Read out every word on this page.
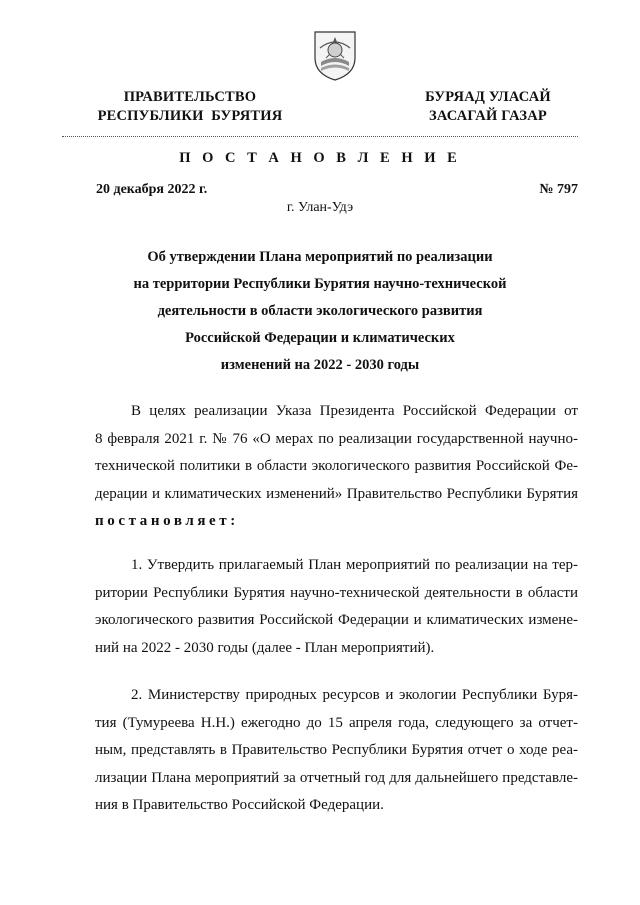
ПРАВИТЕЛЬСТВО
РЕСПУБЛИКИ  БУРЯТИЯ
БУРЯАД УЛАСАЙ
ЗАСАГАЙ ГАЗАР
П О С Т А Н О В Л Е Н И Е
20 декабря 2022 г.	№ 797
г. Улан-Удэ
Об утверждении Плана мероприятий по реализации
на территории Республики Бурятия научно-технической
деятельности в области экологического развития
Российской Федерации и климатических
изменений на 2022 - 2030 годы
В целях реализации Указа Президента Российской Федерации от
8 февраля 2021 г. № 76 «О мерах по реализации государственной научно-
технической политики в области экологического развития Российской Фе-
дерации и климатических изменений» Правительство Республики Бурятия
постановляет:
1. Утвердить прилагаемый План мероприятий по реализации на тер-
ритории Республики Бурятия научно-технической деятельности в области
экологического развития Российской Федерации и климатических измене-
ний на 2022 - 2030 годы (далее - План мероприятий).
2. Министерству природных ресурсов и экологии Республики Буря-
тия (Тумуреева Н.Н.) ежегодно до 15 апреля года, следующего за отчет-
ным, представлять в Правительство Республики Бурятия отчет о ходе реа-
лизации Плана мероприятий за отчетный год для дальнейшего представле-
ния в Правительство Российской Федерации.
